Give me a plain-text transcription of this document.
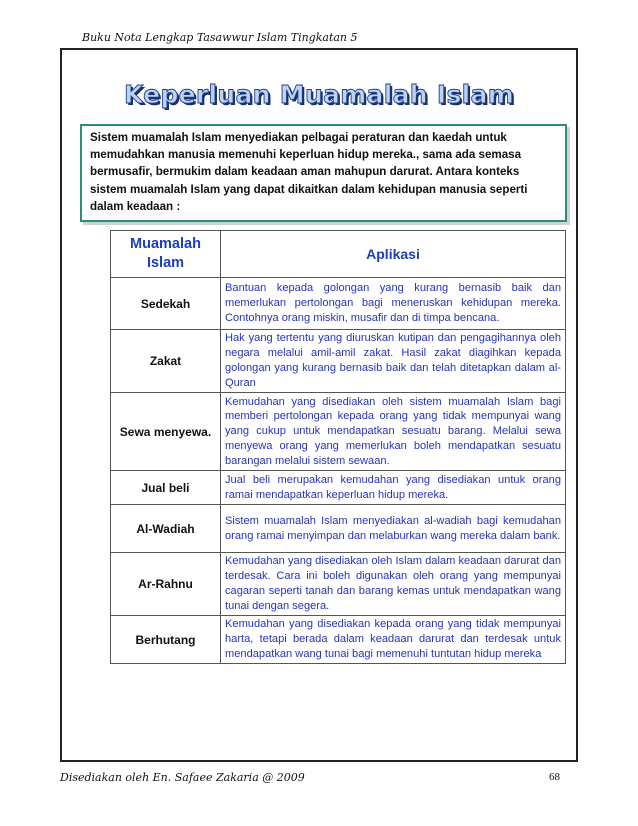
Buku Nota Lengkap Tasawwur Islam Tingkatan 5
Keperluan Muamalah Islam
Sistem muamalah Islam menyediakan pelbagai peraturan dan kaedah untuk memudahkan manusia memenuhi keperluan hidup mereka., sama ada semasa bermusafir, bermukim dalam keadaan aman mahupun darurat. Antara konteks sistem muamalah Islam yang dapat dikaitkan dalam kehidupan manusia seperti dalam keadaan :
Muamalah Islam	Aplikasi
Sedekah	Bantuan kepada golongan yang kurang bernasib baik dan memerlukan pertolongan bagi meneruskan kehidupan mereka. Contohnya orang miskin, musafir dan di timpa bencana.
Zakat	Hak yang tertentu yang diuruskan kutipan dan pengagihannya oleh negara melalui amil-amil zakat. Hasil zakat diagihkan kepada golongan yang kurang bernasib baik dan telah ditetapkan dalam al-Quran
Sewa menyewa.	Kemudahan yang disediakan oleh sistem muamalah Islam bagi memberi pertolongan kepada orang yang tidak mempunyai wang yang cukup untuk mendapatkan sesuatu barang. Melalui sewa menyewa orang yang memerlukan boleh mendapatkan sesuatu barangan melalui sistem sewaan.
Jual beli	Jual beli merupakan kemudahan yang disediakan untuk orang ramai mendapatkan keperluan hidup mereka.
Al-Wadiah	Sistem muamalah Islam menyediakan al-wadiah bagi kemudahan orang ramai menyimpan dan melaburkan wang mereka dalam bank.
Ar-Rahnu	Kemudahan yang disediakan oleh Islam dalam keadaan darurat dan terdesak. Cara ini boleh digunakan oleh orang yang mempunyai cagaran seperti tanah dan barang kemas untuk mendapatkan wang tunai dengan segera.
Berhutang	Kemudahan yang disediakan kepada orang yang tidak mempunyai harta, tetapi berada dalam keadaan darurat dan terdesak untuk mendapatkan wang tunai bagi memenuhi tuntutan hidup mereka
Disediakan oleh En. Safaee Zakaria @ 2009	68
